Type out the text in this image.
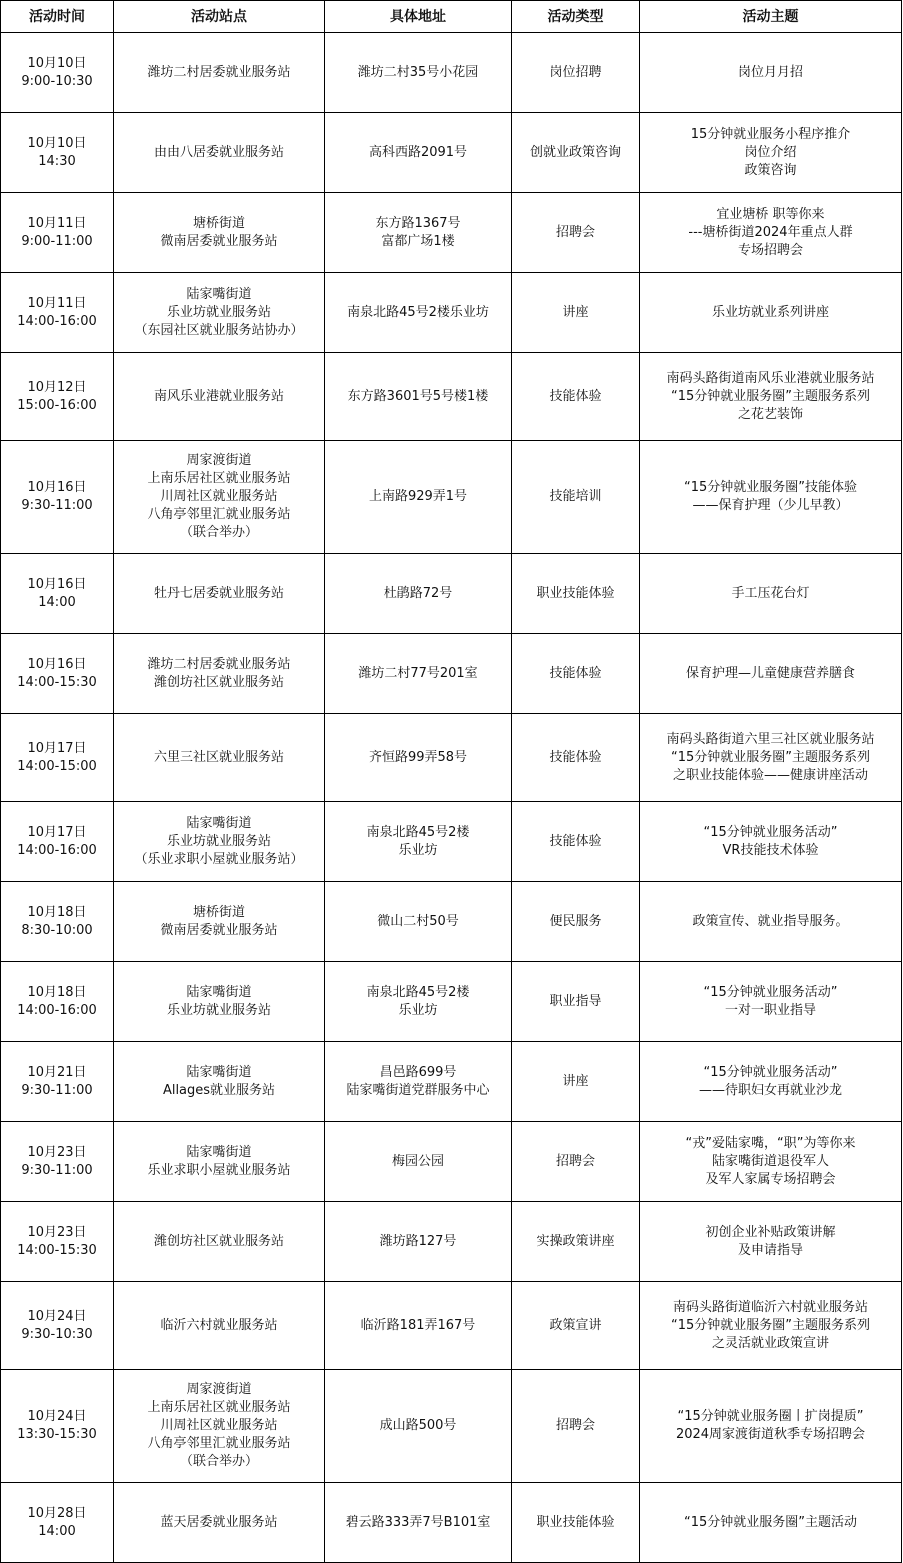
活动时间	活动站点	具体地址	活动类型	活动主题

10月10日
9:00-10:30	潍坊二村居委就业服务站	潍坊二村35号小花园	岗位招聘	岗位月月招

10月10日
14:30	由由八居委就业服务站	高科西路2091号	创就业政策咨询	15分钟就业服务小程序推介
岗位介绍
政策咨询

10月11日
9:00-11:00	塘桥街道
微南居委就业服务站	东方路1367号
富都广场1楼	招聘会	宜业塘桥 职等你来
---塘桥街道2024年重点人群
专场招聘会

10月11日
14:00-16:00	陆家嘴街道
乐业坊就业服务站
（东园社区就业服务站协办）	南泉北路45号2楼乐业坊	讲座	乐业坊就业系列讲座

10月12日
15:00-16:00	南风乐业港就业服务站	东方路3601号5号楼1楼	技能体验	南码头路街道南风乐业港就业服务站
“15分钟就业服务圈”主题服务系列
之花艺装饰

10月16日
9:30-11:00	周家渡街道
上南乐居社区就业服务站
川周社区就业服务站
八角亭邻里汇就业服务站
（联合举办）	上南路929弄1号	技能培训	“15分钟就业服务圈”技能体验
——保育护理（少儿早教）

10月16日
14:00	牡丹七居委就业服务站	杜鹃路72号	职业技能体验	手工压花台灯

10月16日
14:00-15:30	潍坊二村居委就业服务站
潍创坊社区就业服务站	潍坊二村77号201室	技能体验	保育护理—儿童健康营养膳食

10月17日
14:00-15:00	六里三社区就业服务站	齐恒路99弄58号	技能体验	南码头路街道六里三社区就业服务站
“15分钟就业服务圈”主题服务系列
之职业技能体验——健康讲座活动

10月17日
14:00-16:00	陆家嘴街道
乐业坊就业服务站
（乐业求职小屋就业服务站）	南泉北路45号2楼
乐业坊	技能体验	“15分钟就业服务活动”
VR技能技术体验

10月18日
8:30-10:00	塘桥街道
微南居委就业服务站	微山二村50号	便民服务	政策宣传、就业指导服务。

10月18日
14:00-16:00	陆家嘴街道
乐业坊就业服务站	南泉北路45号2楼
乐业坊	职业指导	“15分钟就业服务活动”
一对一职业指导

10月21日
9:30-11:00	陆家嘴街道
Allages就业服务站	昌邑路699号
陆家嘴街道党群服务中心	讲座	“15分钟就业服务活动”
——待职妇女再就业沙龙

10月23日
9:30-11:00	陆家嘴街道
乐业求职小屋就业服务站	梅园公园	招聘会	“戎”爱陆家嘴，“职”为等你来
陆家嘴街道退役军人
及军人家属专场招聘会

10月23日
14:00-15:30	潍创坊社区就业服务站	潍坊路127号	实操政策讲座	初创企业补贴政策讲解
及申请指导

10月24日
9:30-10:30	临沂六村就业服务站	临沂路181弄167号	政策宣讲	南码头路街道临沂六村就业服务站
“15分钟就业服务圈”主题服务系列
之灵活就业政策宣讲

10月24日
13:30-15:30	周家渡街道
上南乐居社区就业服务站
川周社区就业服务站
八角亭邻里汇就业服务站
（联合举办）	成山路500号	招聘会	“15分钟就业服务圈丨扩岗提质”
2024周家渡街道秋季专场招聘会

10月28日
14:00	蓝天居委就业服务站	碧云路333弄7号B101室	职业技能体验	“15分钟就业服务圈”主题活动
